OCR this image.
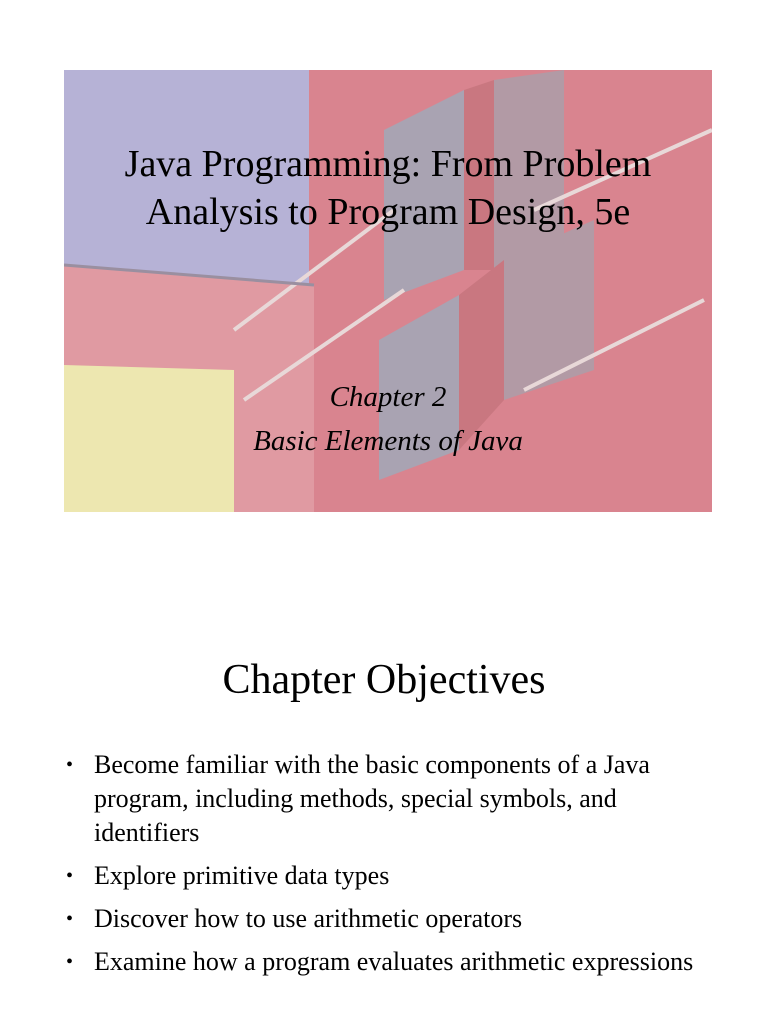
Java Programming: From Problem
Analysis to Program Design, 5e
Chapter 2
Basic Elements of Java
Chapter Objectives
• Become familiar with the basic components of a Java program, including methods, special symbols, and identifiers
• Explore primitive data types
• Discover how to use arithmetic operators
• Examine how a program evaluates arithmetic expressions
